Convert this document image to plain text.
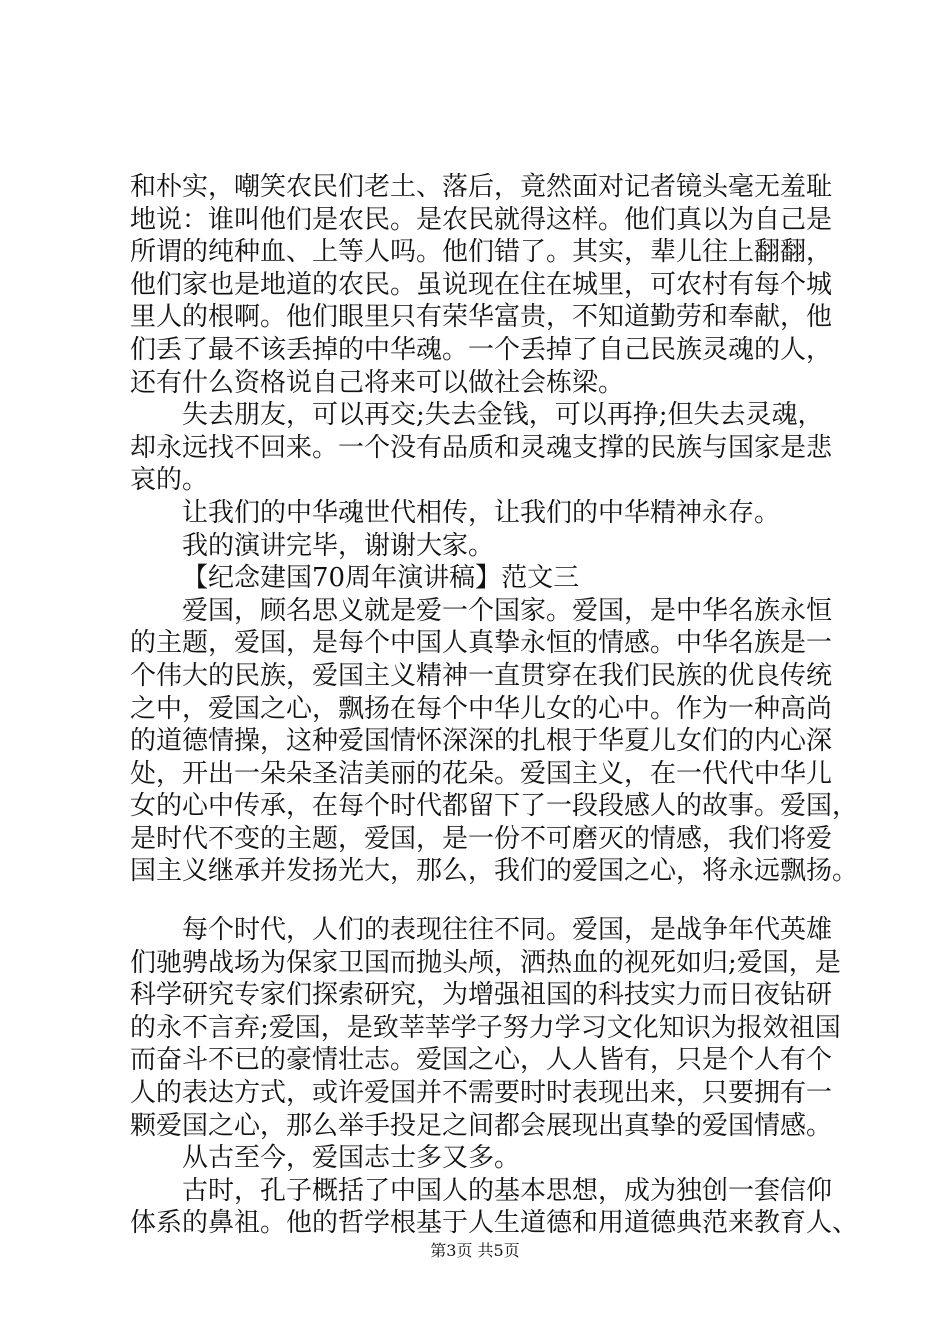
和朴实，嘲笑农民们老土、落后，竟然面对记者镜头毫无羞耻
地说：谁叫他们是农民。是农民就得这样。他们真以为自己是
所谓的纯种血、上等人吗。他们错了。其实，辈儿往上翻翻，
他们家也是地道的农民。虽说现在住在城里，可农村有每个城
里人的根啊。他们眼里只有荣华富贵，不知道勤劳和奉献，他
们丢了最不该丢掉的中华魂。一个丢掉了自己民族灵魂的人，
还有什么资格说自己将来可以做社会栋梁。
失去朋友，可以再交;失去金钱，可以再挣;但失去灵魂，
却永远找不回来。一个没有品质和灵魂支撑的民族与国家是悲
哀的。
让我们的中华魂世代相传，让我们的中华精神永存。
我的演讲完毕，谢谢大家。
【纪念建国70周年演讲稿】范文三
爱国，顾名思义就是爱一个国家。爱国，是中华名族永恒
的主题，爱国，是每个中国人真挚永恒的情感。中华名族是一
个伟大的民族，爱国主义精神一直贯穿在我们民族的优良传统
之中，爱国之心，飘扬在每个中华儿女的心中。作为一种高尚
的道德情操，这种爱国情怀深深的扎根于华夏儿女们的内心深
处，开出一朵朵圣洁美丽的花朵。爱国主义，在一代代中华儿
女的心中传承，在每个时代都留下了一段段感人的故事。爱国，
是时代不变的主题，爱国，是一份不可磨灭的情感，我们将爱
国主义继承并发扬光大，那么，我们的爱国之心，将永远飘扬。
每个时代，人们的表现往往不同。爱国，是战争年代英雄
们驰骋战场为保家卫国而抛头颅，洒热血的视死如归;爱国，是
科学研究专家们探索研究，为增强祖国的科技实力而日夜钻研
的永不言弃;爱国，是致莘莘学子努力学习文化知识为报效祖国
而奋斗不已的豪情壮志。爱国之心，人人皆有，只是个人有个
人的表达方式，或许爱国并不需要时时表现出来，只要拥有一
颗爱国之心，那么举手投足之间都会展现出真挚的爱国情感。
从古至今，爱国志士多又多。
古时，孔子概括了中国人的基本思想，成为独创一套信仰
体系的鼻祖。他的哲学根基于人生道德和用道德典范来教育人、
第3页 共5页
